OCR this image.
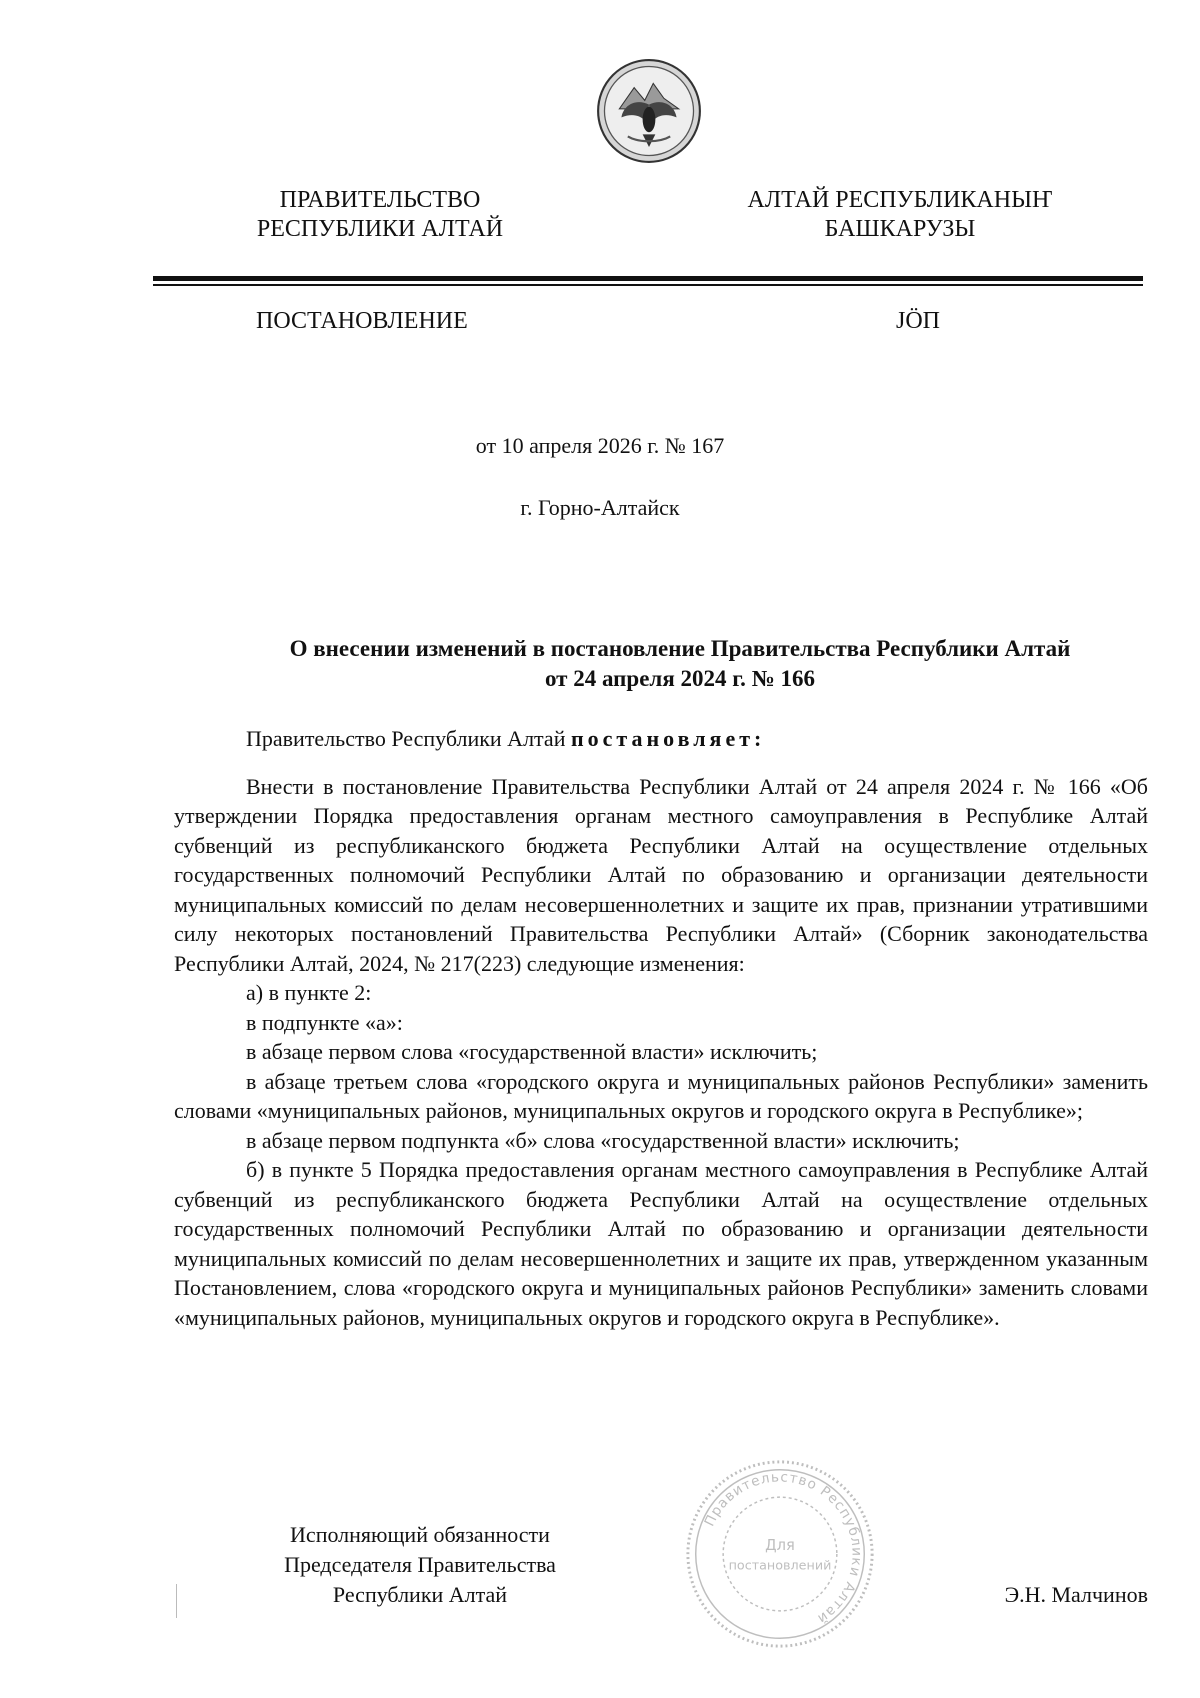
ПРАВИТЕЛЬСТВО
РЕСПУБЛИКИ АЛТАЙ
АЛТАЙ РЕСПУБЛИКАНЫҤ
БАШКАРУЗЫ
ПОСТАНОВЛЕНИЕ	JӦП
от 10 апреля 2026 г. № 167
г. Горно-Алтайск
О внесении изменений в постановление Правительства Республики Алтай
от 24 апреля 2024 г. № 166

Правительство Республики Алтай постановляет:

Внести в постановление Правительства Республики Алтай от 24 апреля 2024 г. № 166 «Об утверждении Порядка предоставления органам местного самоуправления в Республике Алтай субвенций из республиканского бюджета Республики Алтай на осуществление отдельных государственных полномочий Республики Алтай по образованию и организации деятельности муниципальных комиссий по делам несовершеннолетних и защите их прав, признании утратившими силу некоторых постановлений Правительства Республики Алтай» (Сборник законодательства Республики Алтай, 2024, № 217(223) следующие изменения:

а) в пункте 2:

в подпункте «а»:

в абзаце первом слова «государственной власти» исключить;

в абзаце третьем слова «городского округа и муниципальных районов Республики» заменить словами «муниципальных районов, муниципальных округов и городского округа в Республике»;

в абзаце первом подпункта «б» слова «государственной власти» исключить;

б) в пункте 5 Порядка предоставления органам местного самоуправления в Республике Алтай субвенций из республиканского бюджета Республики Алтай на осуществление отдельных государственных полномочий Республики Алтай по образованию и организации деятельности муниципальных комиссий по делам несовершеннолетних и защите их прав, утвержденном указанным Постановлением, слова «городского округа и муниципальных районов Республики» заменить словами «муниципальных районов, муниципальных округов и городского округа в Республике».

Правительство Республики Алтай
Для
постановлений
Исполняющий обязанности
Председателя Правительства
Республики Алтай	Э.Н. Малчинов
